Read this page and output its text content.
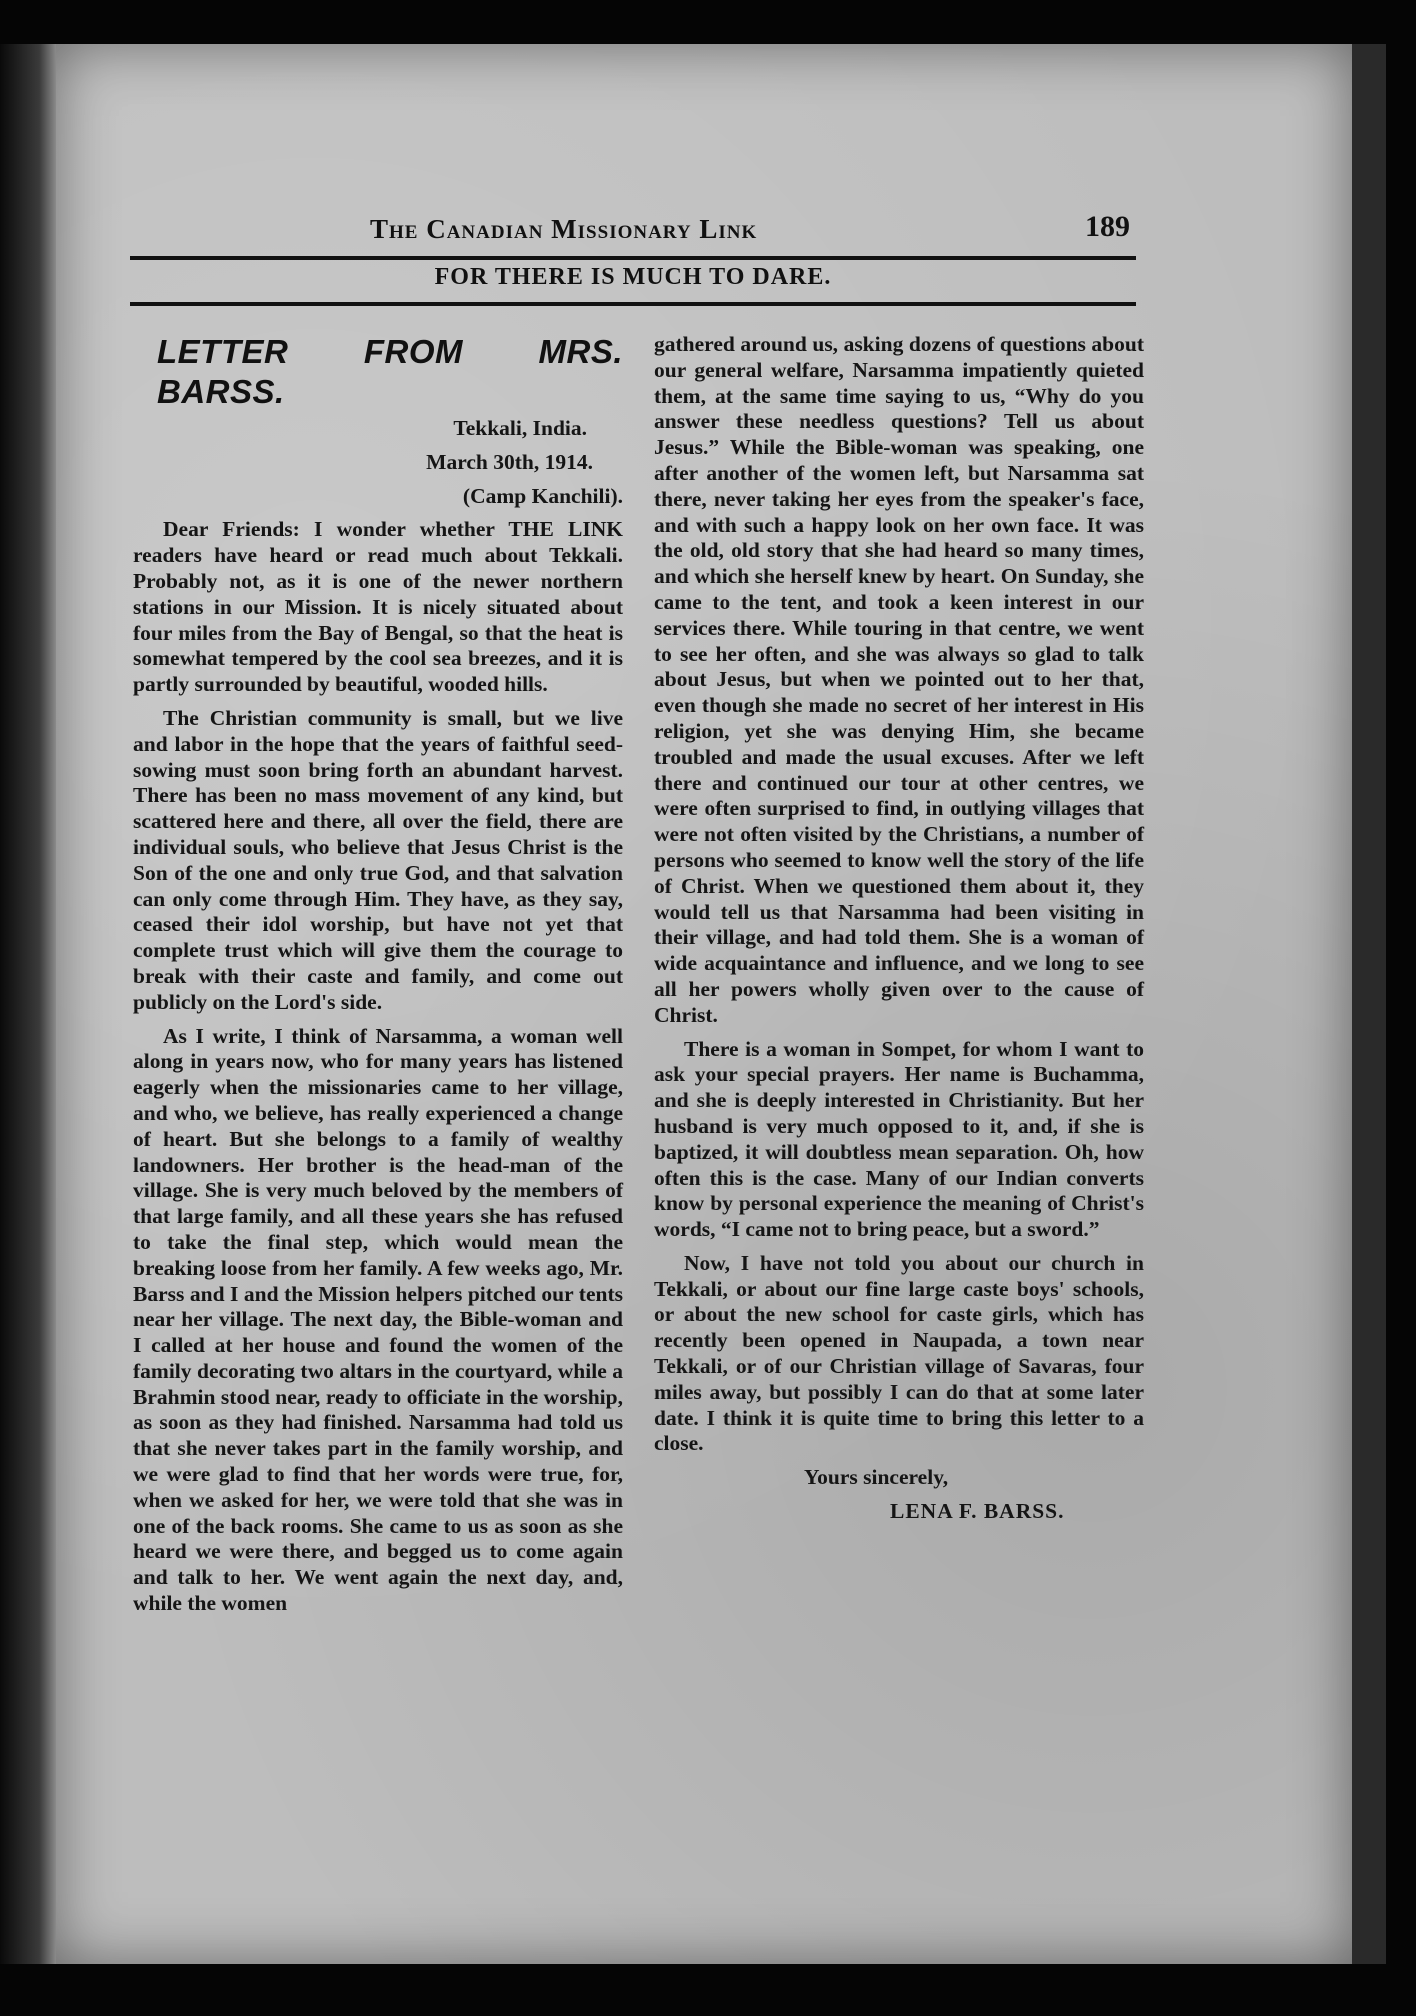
The Canadian Missionary Link	189
FOR THERE IS MUCH TO DARE.
LETTER FROM MRS. BARSS.

Tekkali, India.

March 30th, 1914.

(Camp Kanchili).

Dear Friends: I wonder whether THE LINK readers have heard or read much about Tekkali. Probably not, as it is one of the newer northern stations in our Mission. It is nicely situated about four miles from the Bay of Bengal, so that the heat is somewhat tempered by the cool sea breezes, and it is partly surrounded by beautiful, wooded hills.

The Christian community is small, but we live and labor in the hope that the years of faithful seed-sowing must soon bring forth an abundant harvest. There has been no mass movement of any kind, but scattered here and there, all over the field, there are individual souls, who believe that Jesus Christ is the Son of the one and only true God, and that salvation can only come through Him. They have, as they say, ceased their idol worship, but have not yet that complete trust which will give them the courage to break with their caste and family, and come out publicly on the Lord's side.

As I write, I think of Narsamma, a woman well along in years now, who for many years has listened eagerly when the missionaries came to her village, and who, we believe, has really experienced a change of heart. But she belongs to a family of wealthy landowners. Her brother is the head-man of the village. She is very much beloved by the members of that large family, and all these years she has refused to take the final step, which would mean the breaking loose from her family. A few weeks ago, Mr. Barss and I and the Mission helpers pitched our tents near her village. The next day, the Bible-woman and I called at her house and found the women of the family decorating two altars in the courtyard, while a Brahmin stood near, ready to officiate in the worship, as soon as they had finished. Narsamma had told us that she never takes part in the family worship, and we were glad to find that her words were true, for, when we asked for her, we were told that she was in one of the back rooms. She came to us as soon as she heard we were there, and begged us to come again and talk to her. We went again the next day, and, while the women

gathered around us, asking dozens of questions about our general welfare, Narsamma impatiently quieted them, at the same time saying to us, “Why do you answer these needless questions? Tell us about Jesus.” While the Bible-woman was speaking, one after another of the women left, but Narsamma sat there, never taking her eyes from the speaker's face, and with such a happy look on her own face. It was the old, old story that she had heard so many times, and which she herself knew by heart. On Sunday, she came to the tent, and took a keen interest in our services there. While touring in that centre, we went to see her often, and she was always so glad to talk about Jesus, but when we pointed out to her that, even though she made no secret of her interest in His religion, yet she was denying Him, she became troubled and made the usual excuses. After we left there and continued our tour at other centres, we were often surprised to find, in outlying villages that were not often visited by the Christians, a number of persons who seemed to know well the story of the life of Christ. When we questioned them about it, they would tell us that Narsamma had been visiting in their village, and had told them. She is a woman of wide acquaintance and influence, and we long to see all her powers wholly given over to the cause of Christ.

There is a woman in Sompet, for whom I want to ask your special prayers. Her name is Buchamma, and she is deeply interested in Christianity. But her husband is very much opposed to it, and, if she is baptized, it will doubtless mean separation. Oh, how often this is the case. Many of our Indian converts know by personal experience the meaning of Christ's words, “I came not to bring peace, but a sword.”

Now, I have not told you about our church in Tekkali, or about our fine large caste boys' schools, or about the new school for caste girls, which has recently been opened in Naupada, a town near Tekkali, or of our Christian village of Savaras, four miles away, but possibly I can do that at some later date. I think it is quite time to bring this letter to a close.

Yours sincerely,

LENA F. BARSS.
